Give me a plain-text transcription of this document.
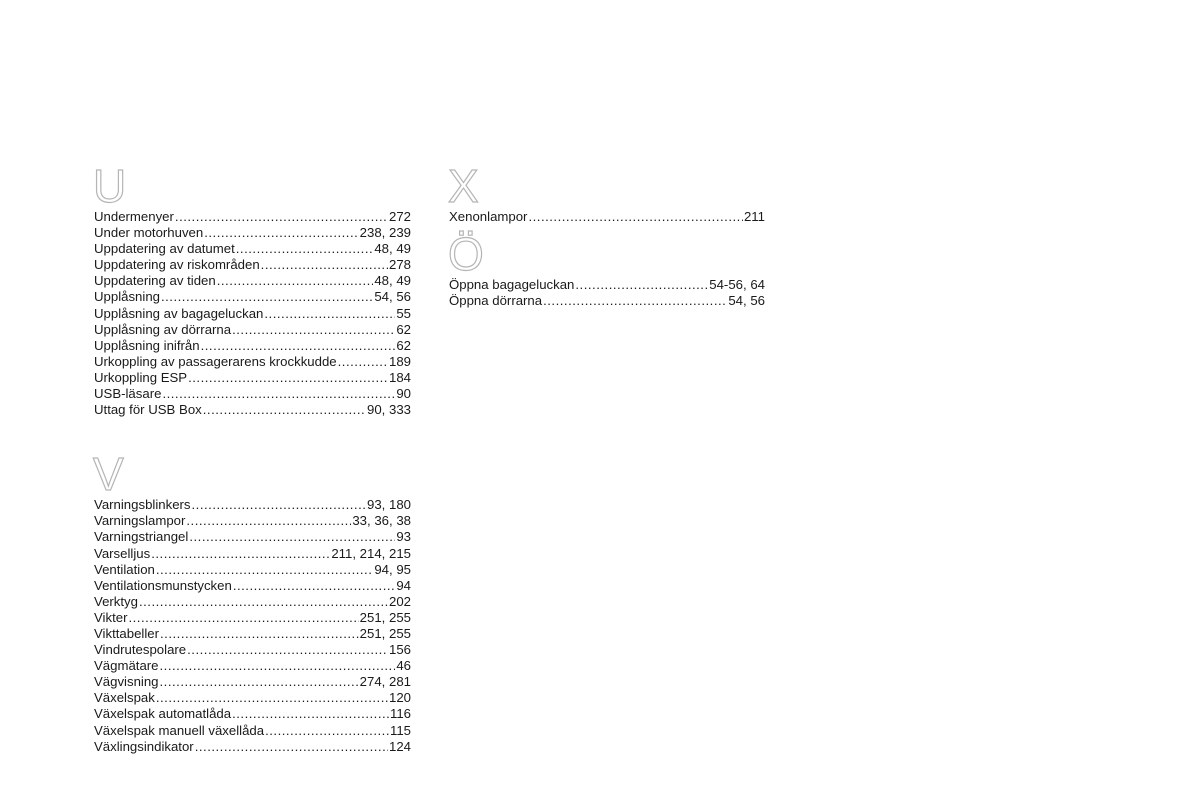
U
Undermenyer .....	272
Under motorhuven .....	238, 239
Uppdatering av datumet .....	48, 49
Uppdatering av riskområden .....	278
Uppdatering av tiden .....	48, 49
Upplåsning .....	54, 56
Upplåsning av bagageluckan .....	55
Upplåsning av dörrarna .....	62
Upplåsning inifrån .....	62
Urkoppling av passagerarens krockkudde .....	189
Urkoppling ESP .....	184
USB-läsare .....	90
Uttag för USB Box .....	90, 333
V
Varningsblinkers .....	93, 180
Varningslampor .....	33, 36, 38
Varningstriangel .....	93
Varselljus .....	211, 214, 215
Ventilation .....	94, 95
Ventilationsmunstycken .....	94
Verktyg .....	202
Vikter .....	251, 255
Vikttabeller .....	251, 255
Vindrutespolare .....	156
Vägmätare .....	46
Vägvisning .....	274, 281
Växelspak .....	120
Växelspak automatlåda .....	116
Växelspak manuell växellåda .....	115
Växlingsindikator .....	124
X
Xenonlampor .....	211
Ö
Öppna bagageluckan .....	54-56, 64
Öppna dörrarna .....	54, 56
